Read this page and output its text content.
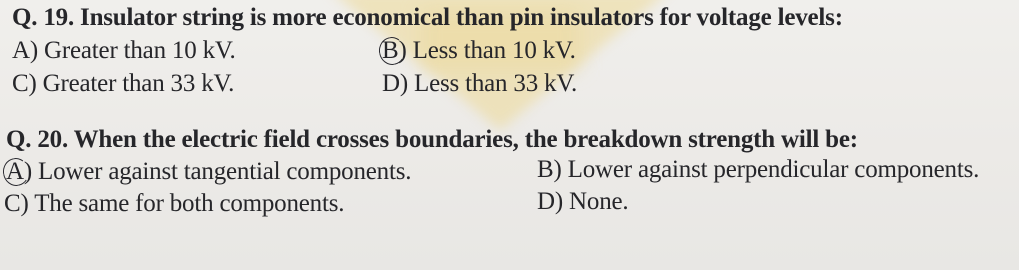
Q. 19. Insulator string is more economical than pin insulators for voltage levels:
A) Greater than 10 kV.	B) Less than 10 kV.
C) Greater than 33 kV.	D) Less than 33 kV.
Q. 20. When the electric field crosses boundaries, the breakdown strength will be:
A) Lower against tangential components.	B) Lower against perpendicular components.
C) The same for both components.	D) None.
